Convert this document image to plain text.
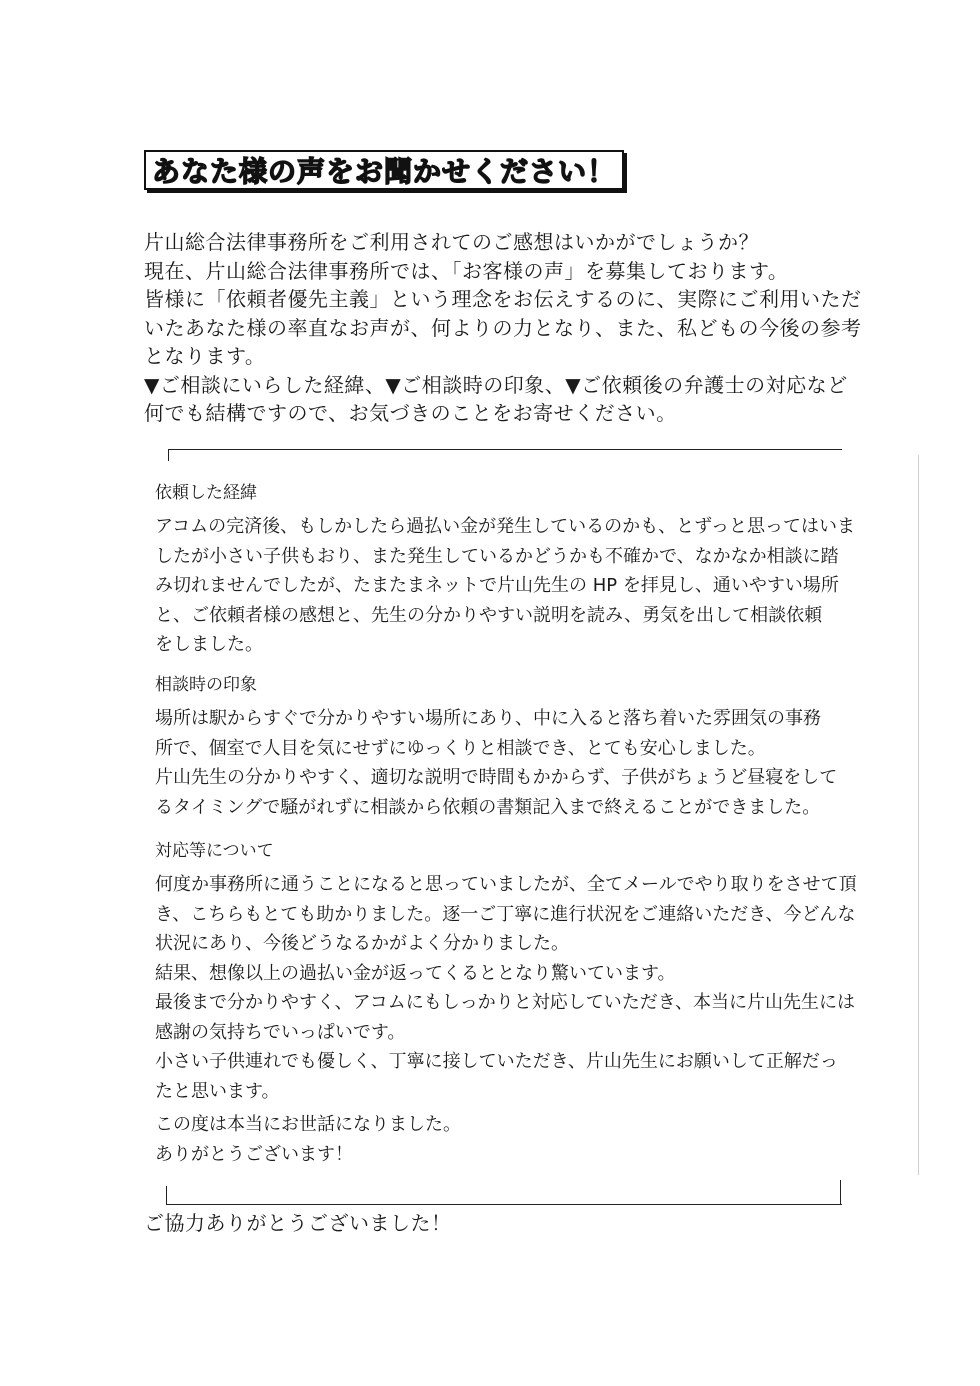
あなた様の声をお聞かせください！
片山総合法律事務所をご利用されてのご感想はいかがでしょうか？
現在、片山総合法律事務所では、「お客様の声」を募集しております。
皆様に「依頼者優先主義」という理念をお伝えするのに、実際にご利用いただ
いたあなた様の率直なお声が、何よりの力となり、また、私どもの今後の参考
となります。
▼ご相談にいらした経緯、▼ご相談時の印象、▼ご依頼後の弁護士の対応など
何でも結構ですので、お気づきのことをお寄せください。
依頼した経緯
アコムの完済後、もしかしたら過払い金が発生しているのかも、とずっと思ってはいま
したが小さい子供もおり、また発生しているかどうかも不確かで、なかなか相談に踏
み切れませんでしたが、たまたまネットで片山先生の HP を拝見し、通いやすい場所
と、ご依頼者様の感想と、先生の分かりやすい説明を読み、勇気を出して相談依頼
をしました。
相談時の印象
場所は駅からすぐで分かりやすい場所にあり、中に入ると落ち着いた雰囲気の事務
所で、個室で人目を気にせずにゆっくりと相談でき、とても安心しました。
片山先生の分かりやすく、適切な説明で時間もかからず、子供がちょうど昼寝をして
るタイミングで騒がれずに相談から依頼の書類記入まで終えることができました。
対応等について
何度か事務所に通うことになると思っていましたが、全てメールでやり取りをさせて頂
き、こちらもとても助かりました。逐一ご丁寧に進行状況をご連絡いただき、今どんな
状況にあり、今後どうなるかがよく分かりました。
結果、想像以上の過払い金が返ってくるととなり驚いています。
最後まで分かりやすく、アコムにもしっかりと対応していただき、本当に片山先生には
感謝の気持ちでいっぱいです。
小さい子供連れでも優しく、丁寧に接していただき、片山先生にお願いして正解だっ
たと思います。
この度は本当にお世話になりました。
ありがとうございます！
ご協力ありがとうございました！
